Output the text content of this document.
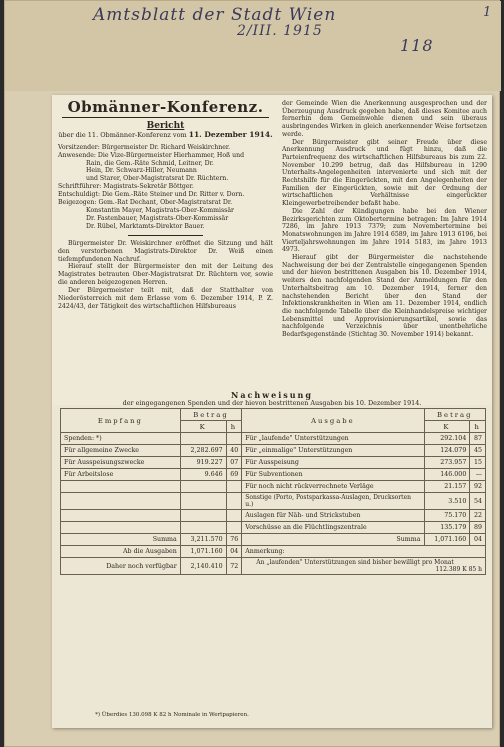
Amtsblatt der Stadt Wien
2/III. 1915
118
1
Obmänner-Konferenz.
Bericht
über die 11. Obmänner-Konferenz vom 11. Dezember 1914.
Vorsitzender: Bürgermeister Dr. Richard Weiskirchner.
Anwesende: Die Vize-Bürgermeister Hierhammer, Hoß und
Rain, die Gem.-Räte Schmid, Leitner, Dr.
Hein, Dr. Schwarz-Hiller, Neumann
und Starer, Ober-Magistratsrat Dr. Rüchtern.
Schriftführer: Magistrats-Sekretär Böttger.
Entschuldigt: Die Gem.-Räte Steiner und Dr. Ritter v. Dorn.
Beigezogen: Gem.-Rat Dechant, Ober-Magistratsrat Dr.
Konstantin Mayer, Magistrats-Ober-Kommissär
Dr. Fastenbauer, Magistrats-Ober-Kommissär
Dr. Rübel, Marktamts-Direktor Bauer.

Bürgermeister Dr. Weiskirchner eröffnet die Sitzung und hält den verstorbenen Magistrats-Direktor Dr. Weiß einen tiefempfundenen Nachruf.

Hierauf stellt der Bürgermeister den mit der Leitung des Magistrates betrauten Ober-Magistratsrat Dr. Rüchtern vor, sowie die anderen beigezogenen Herren.

Der Bürgermeister teilt mit, daß der Statthalter von Niederösterreich mit dem Erlasse vom 6. Dezember 1914, P. Z. 2424/43, der Tätigkeit des wirtschaftlichen Hilfsbureaus

der Gemeinde Wien die Anerkennung ausgesprochen und der Überzeugung Ausdruck gegeben habe, daß dieses Komitee auch fernerhin dem Gemeinwohle dienen und sein überaus ausbringendes Wirken in gleich anerkennender Weise fortsetzen werde.

Der Bürgermeister gibt seiner Freude über diese Anerkennung Ausdruck und fügt hinzu, daß die Parteienfrequenz des wirtschaftlichen Hilfsbureaus bis zum 22. November 10.299 betrug, daß das Hilfsbureau in 1290 Unterhalts-Angelegenheiten intervenierte und sich mit der Rechtshilfe für die Eingerückten, mit den Angelegenheiten der Familien der Eingerückten, sowie mit der Ordnung der wirtschaftlichen Verhältnisse eingerückter Kleingewerbetreibender befaßt habe.

Die Zahl der Kündigungen habe bei den Wiener Bezirksgerichten zum Oktobertermine betragen: Im Jahre 1914 7286, im Jahre 1913 7379; zum Novembertermine bei Monatswohnungen im Jahre 1914 6589, im Jahre 1913 6196, bei Vierteljahrswohnungen im Jahre 1914 5183, im Jahre 1913 4973.

Hierauf gibt der Bürgermeister die nachstehende Nachweisung der bei der Zentralstelle eingegangenen Spenden und der hievon bestrittenen Ausgaben bis 10. Dezember 1914, weiters den nachfolgenden Stand der Anmeldungen für den Unterhaltsbeitrag am 10. Dezember 1914, ferner den nachstehenden Bericht über den Stand der Infektionskrankheiten in Wien am 11. Dezember 1914, endlich die nachfolgende Tabelle über die Kleinhandelspreise wichtiger Lebensmittel und Approvisionierungsartikel, sowie das nachfolgende Verzeichnis über unentbehrliche Bedarfsgegenstände (Stichtag 30. November 1914) bekannt.

Nachweisung
der eingegangenen Spenden und der hievon bestrittenen Ausgaben bis 10. Dezember 1914.
Empfang	Betrag		Ausgabe	Betrag	
	K	h		K	h
Spenden: *)			Für „laufende" Unterstützungen	292.104	87
Für allgemeine Zwecke	2,282.697	40	Für „einmalige" Unterstützungen	124.079	45
Für Ausspeisungszwecke	919.227	07	Für Ausspeisung	273.957	15
Für Arbeitslose	9.646	69	Für Subventionen	146.000	—
			Für noch nicht rückverrechnete Verläge	21.157	92
			Sonstige (Porto, Postsparkassa-Auslagen, Drucksorten u.)	3.510	54
			Auslagen für Näh- und Strickstuben	75.170	22
			Vorschüsse an die Flüchtlingszentrale	135.179	89
Summa	3,211.570	76	Summa	1,071.160	04
Ab die Ausgaben	1,071.160	04	Anmerkung:		
Daher noch verfügbar	2,140.410	72	An „laufenden" Unterstützungen sind bisher bewilligt pro Monat
112.389 K 85 h		
*) Überdies 130.098 K 82 h Nominale in Wertpapieren.
